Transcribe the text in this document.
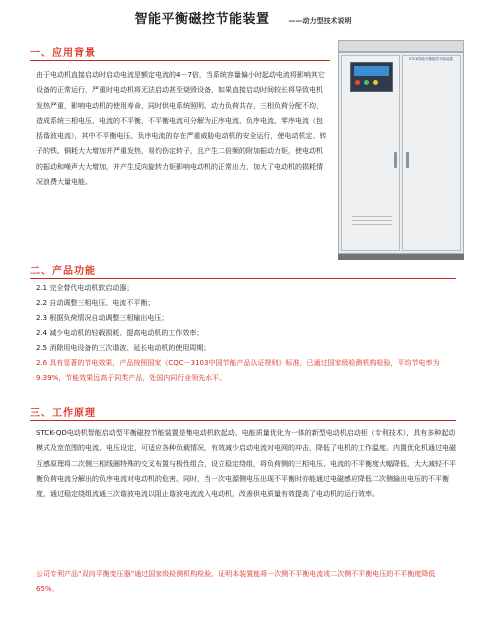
智能平衡磁控节能装置	——动力型技术说明
一、应用背景
由于电动机直接启动时启动电流是额定电流的4－7倍，当系统容量偏小时起动电流将影响其它设备的正常运行，严重时电动机将无法启动甚至烧毁设备，如果直接启动时间较长将导致电机发热严重，影响电动机的使用寿命，同时供电系统照明、动力负荷共存，三相负荷分配不均，造成系统三相电压、电流的不平衡，不平衡电流可分解为正序电流、负序电流、零序电流（包括谐波电流），其中不平衡电压、负序电流的存在严重威胁电动机的安全运行，使电动机定、转子的铁、铜耗大大增加并严重发热，易灼伤定转子，且产生二倍频的附加振动力矩，使电动机的振动和噪声大大增加，并产生反向旋转力矩影响电动机的正常出力，加大了电动机的损耗情况浪费大量电能。
STCK智能平衡磁控节能装置
二、产品功能
2.1 完全替代电动机软启动器；
2.2 自动调整三相电压、电流不平衡；
2.3 根据负荷情况自动调整三相输出电压；
2.4 减少电动机的轻载损耗、提高电动机的工作效率；
2.5 消除用电设备的三次谐波、延长电动机的使用周期；
2.6 具有显著的节电效果，产品按照国家《CQC－3103中国节能产品认证规则》标准，已通过国家级检测机构检验，平均节电率为9.39%，节能效果远高于同类产品，处国内同行业领先水平。
三、工作原理
STCK-QD电动机智能启动型平衡磁控节能装置是集电动机软起动、电能质量优化为一体的新型电动机启动柜（专利技术），具有多种起动模式及宽范围的电流、电压设定，可适应各种负载情况，有效减少启动电流对电网的冲击，降低了电机的工作温度。内置优化机通过电磁互感原理将二次侧三相线圈特殊的交叉布置与极性组合，设立稳定绕组，将负荷侧的三相电压、电流的不平衡度大幅降低，大大减轻不平衡负荷电流分解出的负序电流对电动机的危害。同时，当一次电源侧电压出现不平衡时亦能通过电磁感应降低二次侧输出电压的不平衡度，通过稳定绕组流通三次谐波电流以阻止谐波电流流入电动机，改善供电质量有效提高了电动机的运行效率。
公司专利产品“双向平衡变压器”通过国家级检测机构检验，证明本装置能将一次侧不平衡电流或二次侧不平衡电压的不平衡度降低65%。
